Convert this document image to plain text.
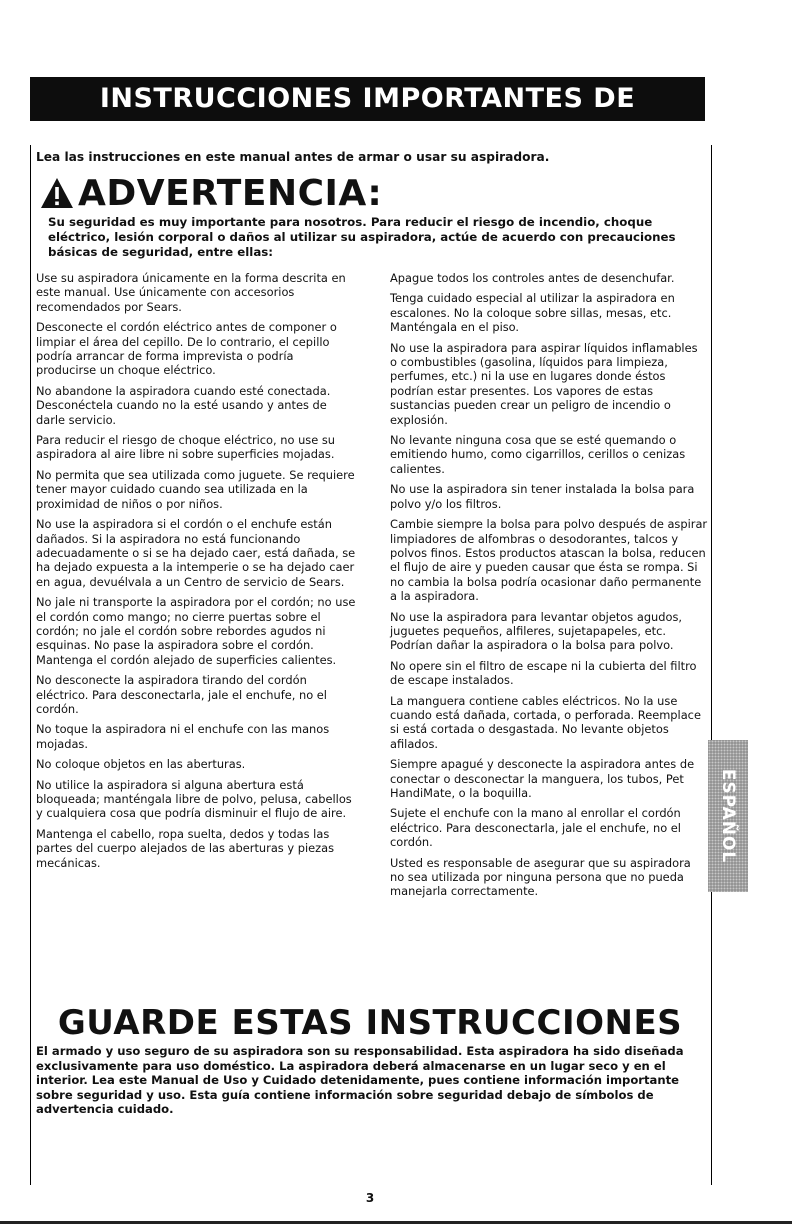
INSTRUCCIONES IMPORTANTES DE SEGURIDAD
Lea las instrucciones en este manual antes de armar o usar su aspiradora.
ADVERTENCIA:
Su seguridad es muy importante para nosotros. Para reducir el riesgo de incendio, choque eléctrico, lesión corporal o daños al utilizar su aspiradora, actúe de acuerdo con precauciones básicas de seguridad, entre ellas:

Use su aspiradora únicamente en la forma descrita en este manual. Use únicamente con accesorios recomendados por Sears.

Desconecte el cordón eléctrico antes de componer o limpiar el área del cepillo. De lo contrario, el cepillo podría arrancar de forma imprevista o podría producirse un choque eléctrico.

No abandone la aspiradora cuando esté conectada. Desconéctela cuando no la esté usando y antes de darle servicio.

Para reducir el riesgo de choque eléctrico, no use su aspiradora al aire libre ni sobre superficies mojadas.

No permita que sea utilizada como juguete. Se requiere tener mayor cuidado cuando sea utilizada en la proximidad de niños o por niños.

No use la aspiradora si el cordón o el enchufe están dañados. Si la aspiradora no está funcionando adecuadamente o si se ha dejado caer, está dañada, se ha dejado expuesta a la intemperie o se ha dejado caer en agua, devuélvala a un Centro de servicio de Sears.

No jale ni transporte la aspiradora por el cordón; no use el cordón como mango; no cierre puertas sobre el cordón; no jale el cordón sobre rebordes agudos ni esquinas. No pase la aspiradora sobre el cordón. Mantenga el cordón alejado de superficies calientes.

No desconecte la aspiradora tirando del cordón eléctrico. Para desconectarla, jale el enchufe, no el cordón.

No toque la aspiradora ni el enchufe con las manos mojadas.

No coloque objetos en las aberturas.

No utilice la aspiradora si alguna abertura está bloqueada; manténgala libre de polvo, pelusa, cabellos y cualquiera cosa que podría disminuir el flujo de aire.

Mantenga el cabello, ropa suelta, dedos y todas las partes del cuerpo alejados de las aberturas y piezas mecánicas.

Apague todos los controles antes de desenchufar.

Tenga cuidado especial al utilizar la aspiradora en escalones. No la coloque sobre sillas, mesas, etc. Manténgala en el piso.

No use la aspiradora para aspirar líquidos inflamables o combustibles (gasolina, líquidos para limpieza, perfumes, etc.) ni la use en lugares donde éstos podrían estar presentes. Los vapores de estas sustancias pueden crear un peligro de incendio o explosión.

No levante ninguna cosa que se esté quemando o emitiendo humo, como cigarrillos, cerillos o cenizas calientes.

No use la aspiradora sin tener instalada la bolsa para polvo y/o los filtros.

Cambie siempre la bolsa para polvo después de aspirar limpiadores de alfombras o desodorantes, talcos y polvos finos. Estos productos atascan la bolsa, reducen el flujo de aire y pueden causar que ésta se rompa. Si no cambia la bolsa podría ocasionar daño permanente a la aspiradora.

No use la aspiradora para levantar objetos agudos, juguetes pequeños, alfileres, sujetapapeles, etc. Podrían dañar la aspiradora o la bolsa para polvo.

No opere sin el filtro de escape ni la cubierta del filtro de escape instalados.

La manguera contiene cables eléctricos. No la use cuando está dañada, cortada, o perforada. Reemplace si está cortada o desgastada. No levante objetos afilados.

Siempre apagué y desconecte la aspiradora antes de conectar o desconectar la manguera, los tubos, Pet HandiMate, o la boquilla.

Sujete el enchufe con la mano al enrollar el cordón eléctrico. Para desconectarla, jale el enchufe, no el cordón.

Usted es responsable de asegurar que su aspiradora no sea utilizada por ninguna persona que no pueda manejarla correctamente.

ESPAÑOL
GUARDE ESTAS INSTRUCCIONES
El armado y uso seguro de su aspiradora son su responsabilidad. Esta aspiradora ha sido diseñada exclusivamente para uso doméstico. La aspiradora deberá almacenarse en un lugar seco y en el interior. Lea este Manual de Uso y Cuidado detenidamente, pues contiene información importante sobre seguridad y uso. Esta guía contiene información sobre seguridad debajo de símbolos de advertencia cuidado.
3
